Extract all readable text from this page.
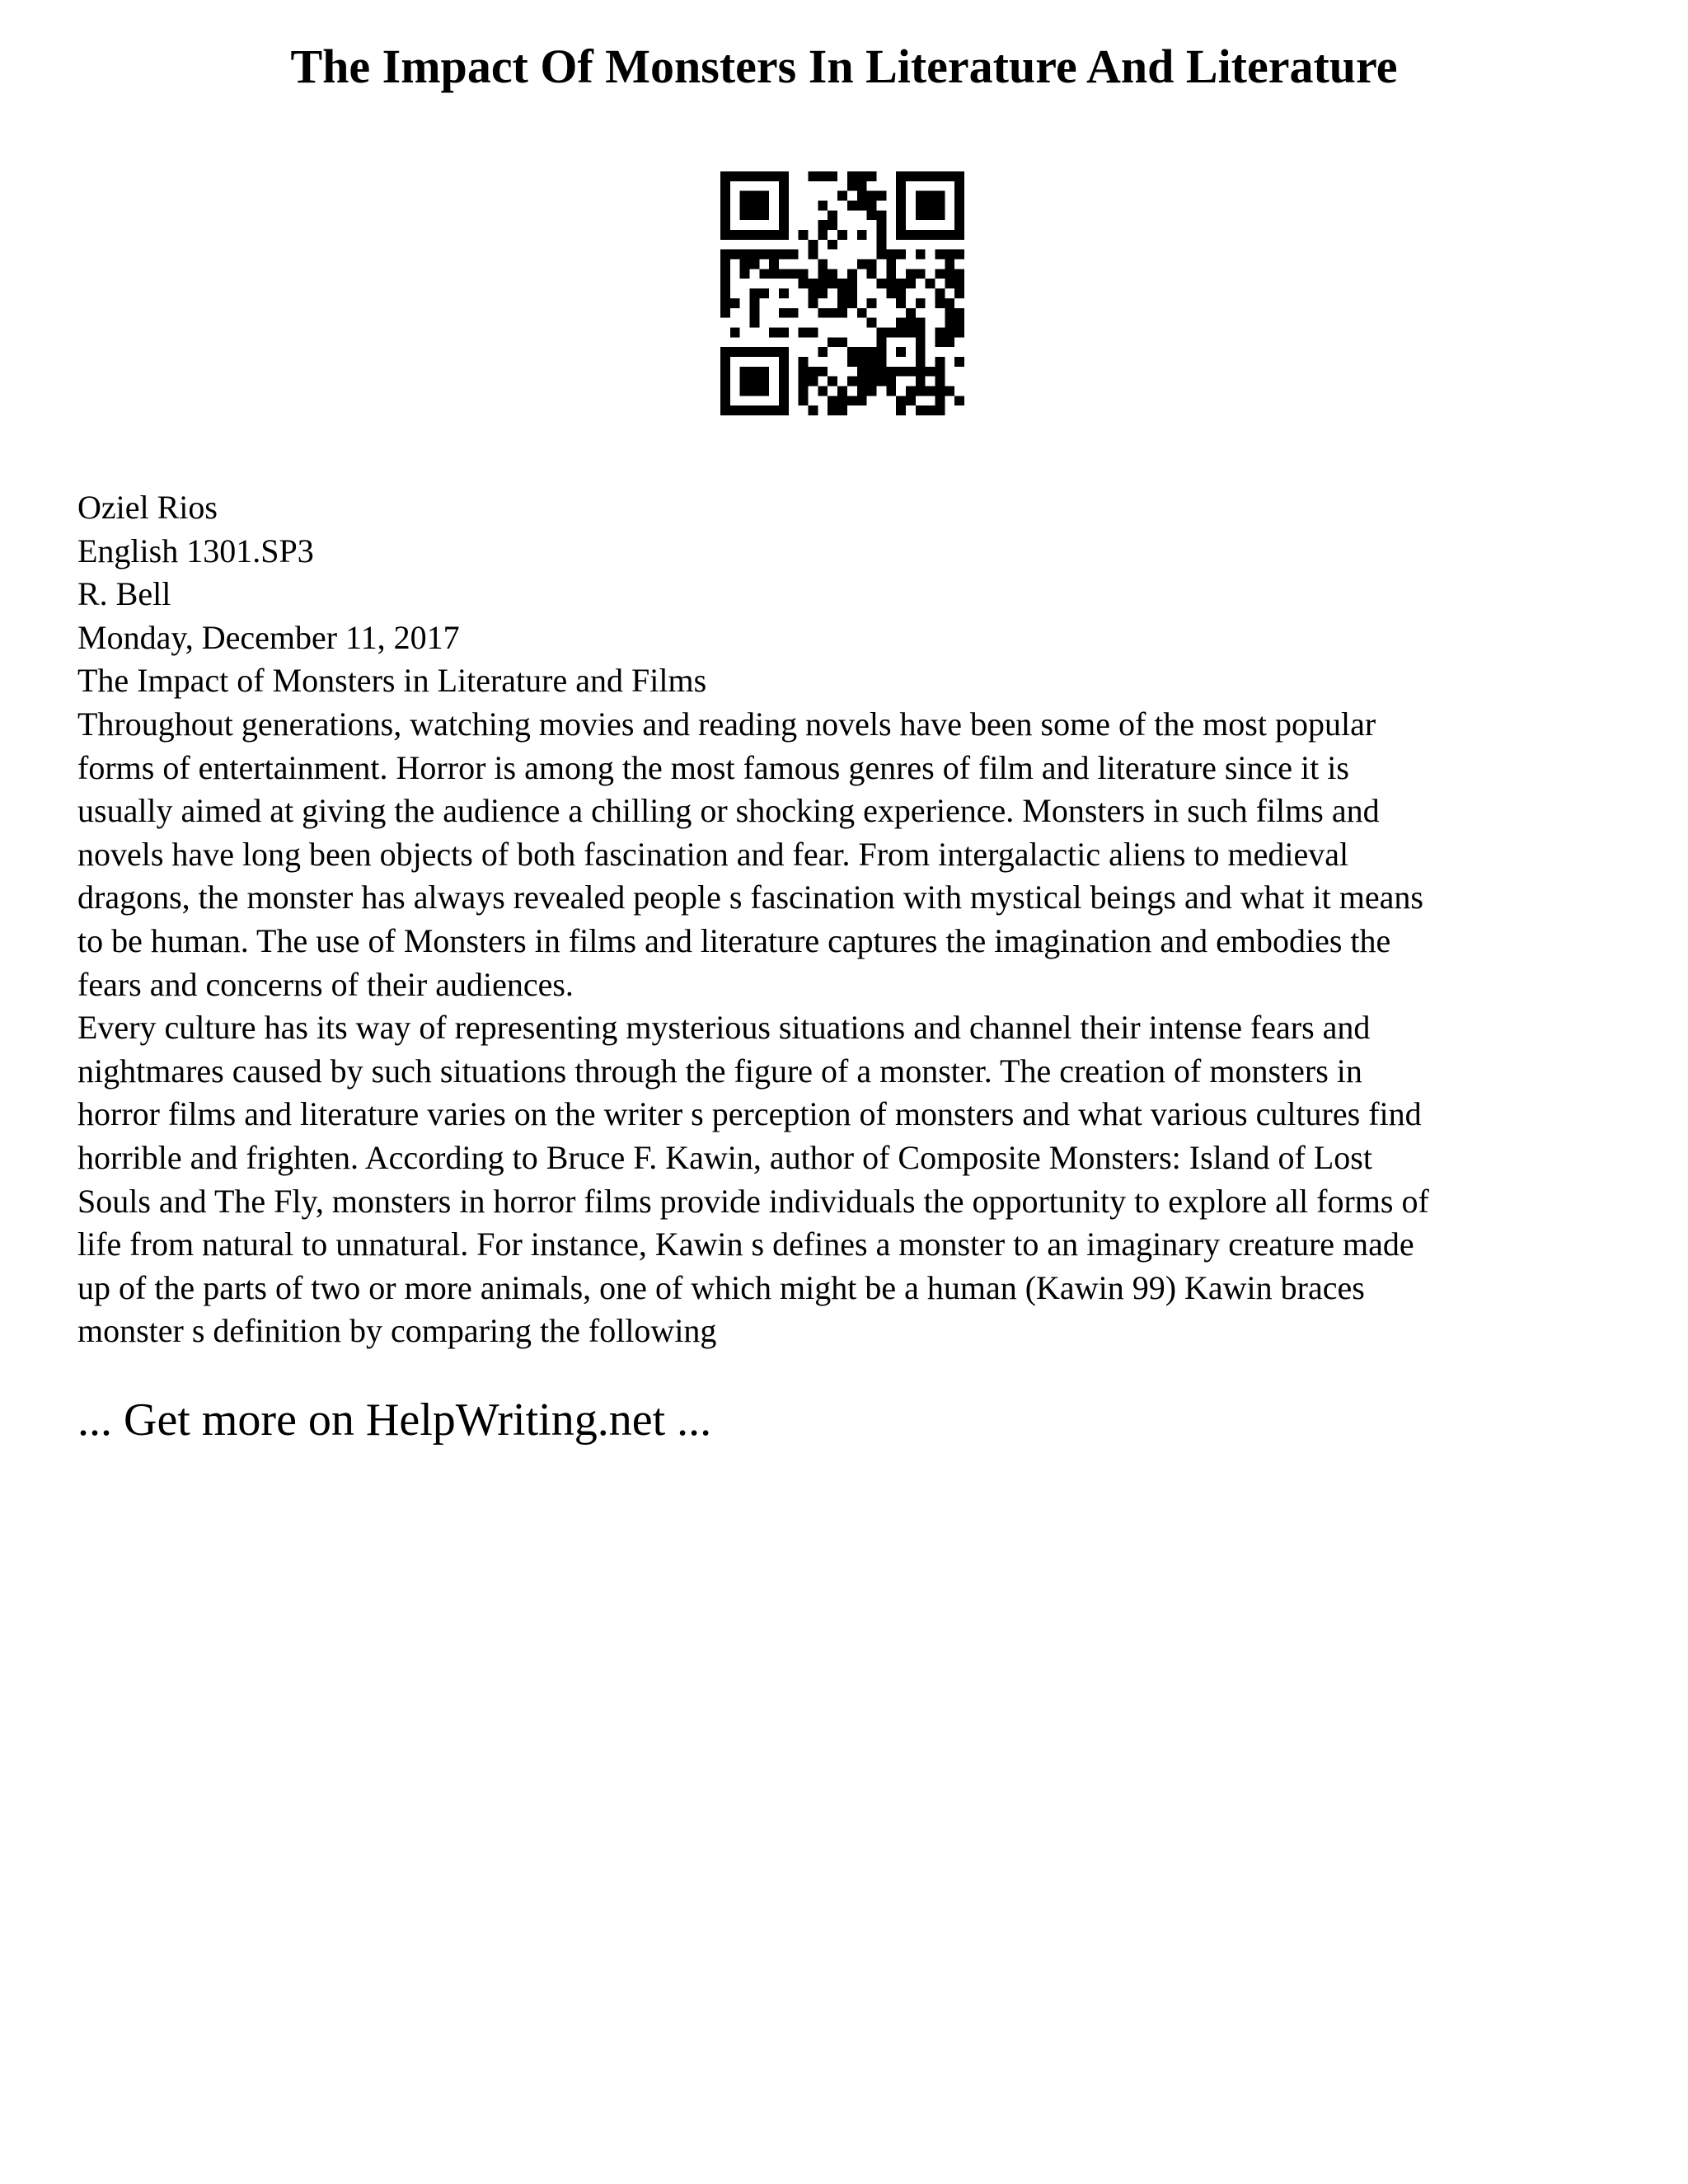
The Impact Of Monsters In Literature And Literature
Oziel Rios
English 1301.SP3
R. Bell
Monday, December 11, 2017
The Impact of Monsters in Literature and Films
Throughout generations, watching movies and reading novels have been some of the most popular
forms of entertainment. Horror is among the most famous genres of film and literature since it is
usually aimed at giving the audience a chilling or shocking experience. Monsters in such films and
novels have long been objects of both fascination and fear. From intergalactic aliens to medieval
dragons, the monster has always revealed people s fascination with mystical beings and what it means
to be human. The use of Monsters in films and literature captures the imagination and embodies the
fears and concerns of their audiences.
Every culture has its way of representing mysterious situations and channel their intense fears and
nightmares caused by such situations through the figure of a monster. The creation of monsters in
horror films and literature varies on the writer s perception of monsters and what various cultures find
horrible and frighten. According to Bruce F. Kawin, author of Composite Monsters: Island of Lost
Souls and The Fly, monsters in horror films provide individuals the opportunity to explore all forms of
life from natural to unnatural. For instance, Kawin s defines a monster to an imaginary creature made
up of the parts of two or more animals, one of which might be a human (Kawin 99) Kawin braces
monster s definition by comparing the following
... Get more on HelpWriting.net ...
